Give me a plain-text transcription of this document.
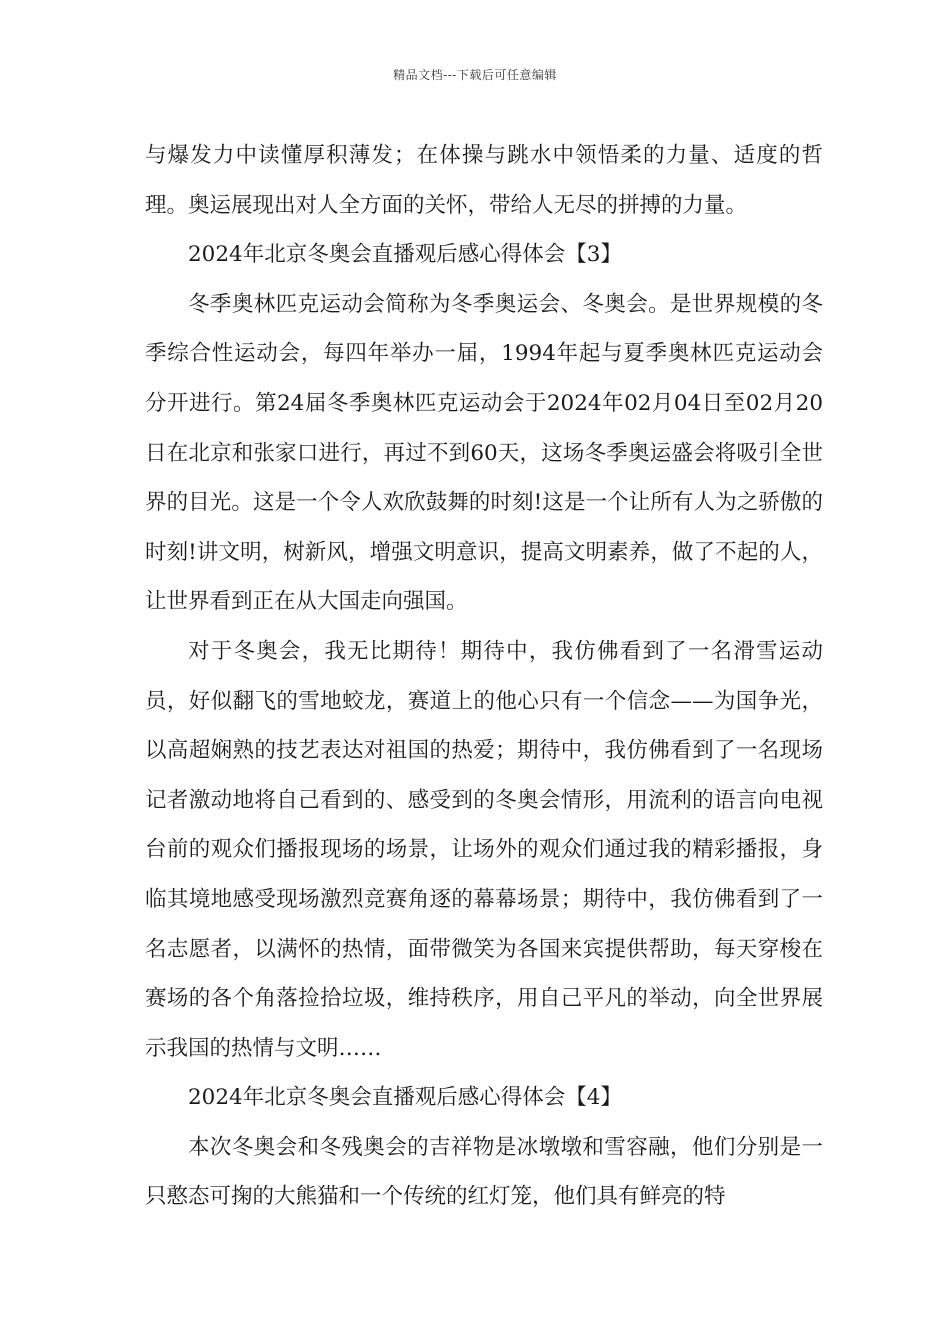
精品文档---下载后可任意编辑

与爆发力中读懂厚积薄发；在体操与跳水中领悟柔的力量、适度的哲理。奥运展现出对人全方面的关怀，带给人无尽的拼搏的力量。

2024年北京冬奥会直播观后感心得体会【3】

冬季奥林匹克运动会简称为冬季奥运会、冬奥会。是世界规模的冬季综合性运动会，每四年举办一届，1994年起与夏季奥林匹克运动会分开进行。第24届冬季奥林匹克运动会于2024年02月04日至02月20日在北京和张家口进行，再过不到60天，这场冬季奥运盛会将吸引全世界的目光。这是一个令人欢欣鼓舞的时刻!这是一个让所有人为之骄傲的时刻!讲文明，树新风，增强文明意识，提高文明素养，做了不起的人，让世界看到正在从大国走向强国。

对于冬奥会，我无比期待！期待中，我仿佛看到了一名滑雪运动员，好似翻飞的雪地蛟龙，赛道上的他心只有一个信念——为国争光，以高超娴熟的技艺表达对祖国的热爱；期待中，我仿佛看到了一名现场记者激动地将自己看到的、感受到的冬奥会情形，用流利的语言向电视台前的观众们播报现场的场景，让场外的观众们通过我的精彩播报，身临其境地感受现场激烈竞赛角逐的幕幕场景；期待中，我仿佛看到了一名志愿者，以满怀的热情，面带微笑为各国来宾提供帮助，每天穿梭在赛场的各个角落捡拾垃圾，维持秩序，用自己平凡的举动，向全世界展示我国的热情与文明……

2024年北京冬奥会直播观后感心得体会【4】

本次冬奥会和冬残奥会的吉祥物是冰墩墩和雪容融，他们分别是一只憨态可掬的大熊猫和一个传统的红灯笼，他们具有鲜亮的特
